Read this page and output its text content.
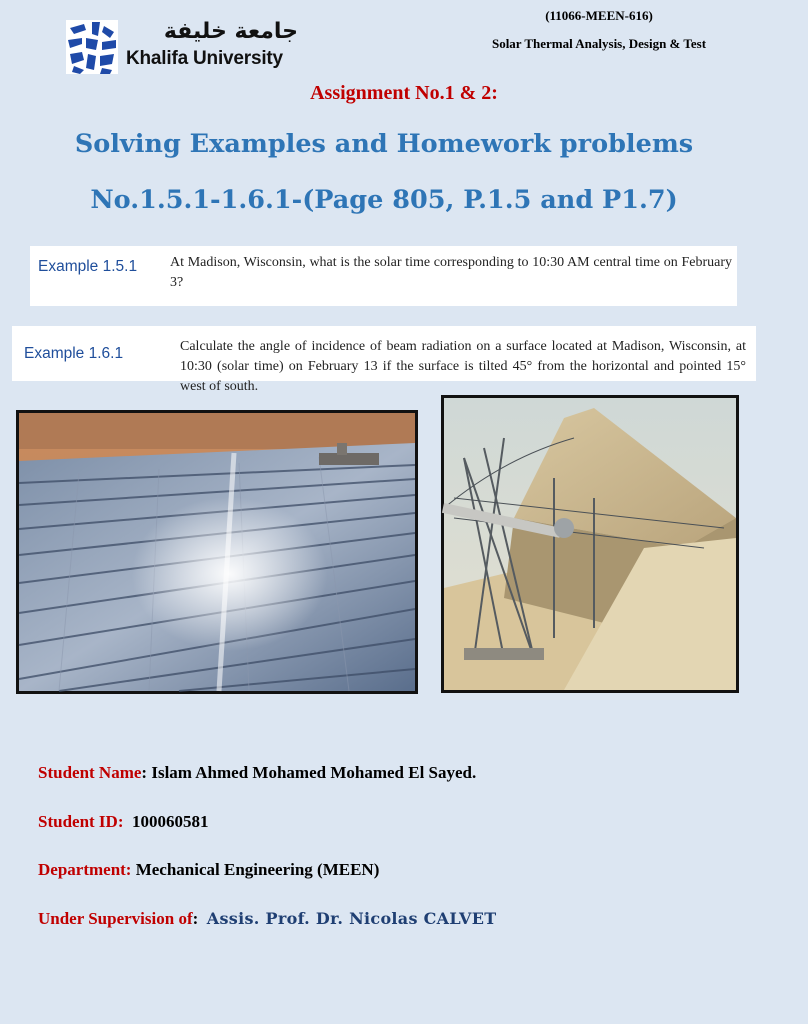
جامعة خليفة
Khalifa University
(11066-MEEN-616)
Solar Thermal Analysis, Design & Test
Assignment No.1 & 2:
Solving Examples and Homework problems
No.1.5.1-1.6.1-(Page 805, P.1.5 and P1.7)
Example 1.5.1 At Madison, Wisconsin, what is the solar time corresponding to 10:30 AM central time on February 3?
Example 1.6.1	Calculate the angle of incidence of beam radiation on a surface located at Madison, Wisconsin, at 10:30 (solar time) on February 13 if the surface is tilted 45° from the horizontal and pointed 15° west of south.
Student Name: Islam Ahmed Mohamed Mohamed El Sayed.
Student ID: 100060581
Department: Mechanical Engineering (MEEN)
Under Supervision of:  Assis. Prof. Dr. Nicolas CALVET
